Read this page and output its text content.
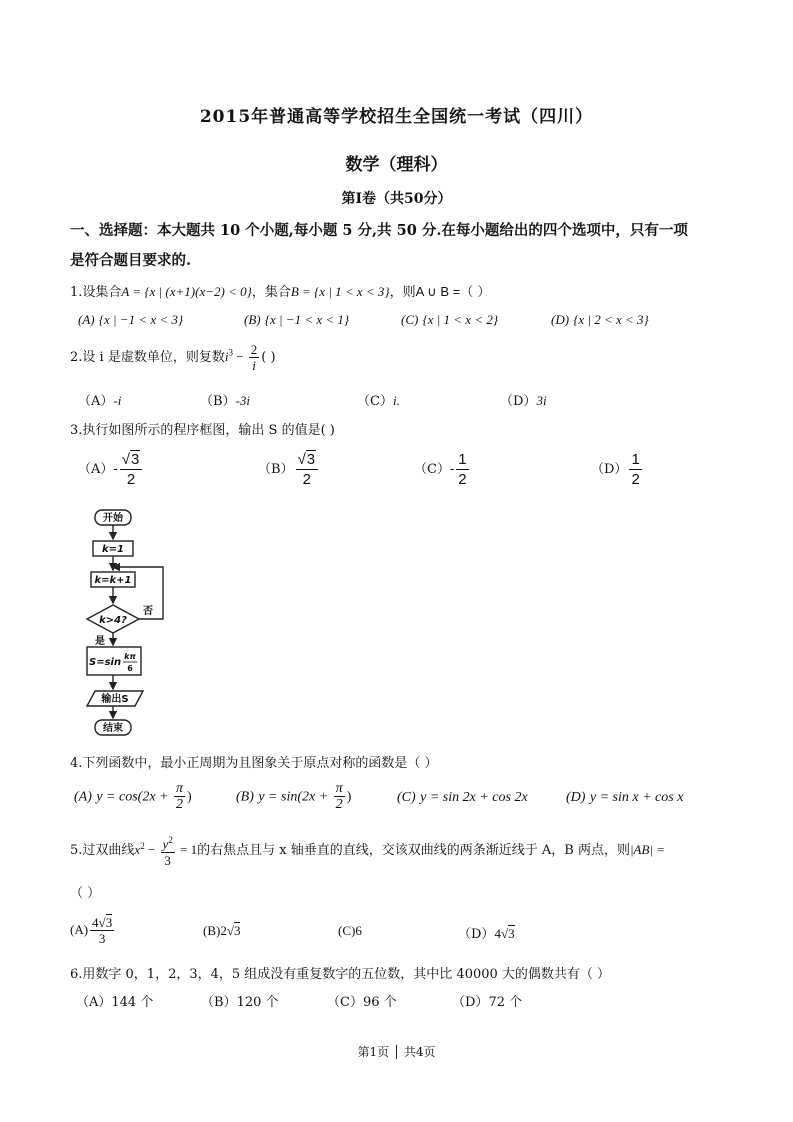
2015年普通高等学校招生全国统一考试（四川）
数学（理科）
第Ⅰ卷（共50分）
一、选择题：本大题共 10 个小题,每小题 5 分,共 50 分.在每小题给出的四个选项中，只有一项
是符合题目要求的.
1.设集合A = {x | (x+1)(x−2) < 0}，集合B = {x | 1 < x < 3}，则A ∪ B =（ ）
(A) {x | −1 < x < 3}	(B) {x | −1 < x < 1}	(C) {x | 1 < x < 2}	(D) {x | 2 < x < 3}
2.设 i 是虚数单位，则复数$i^3 - \frac{2}{i}$ ( )
（A）-i	（B）-3i	（C）i.	（D）3i
3.执行如图所示的程序框图，输出 S 的值是( )
$(A)- \frac{√3}{2}$	$(B) \frac{√3}{2}$	$(C)- \frac{1}{2}$	$(D) \frac{1}{2}$
开始
k=1
k=k+1
k>4?
否
是
S=sin
kπ
6
输出S
结束
4.下列函数中，最小正周期为且图象关于原点对称的函数是（ ）
(A) $y = \cos(2x + \frac{\pi}{2}$ )	(B) $y = \sin(2x + \frac{\pi}{2}$ )	(C) y = sin 2x + cos 2x	(D) y = sin x + cos x
5.过双曲线$x^2 - \frac{y^2}{3} = 1$的右焦点且与 x 轴垂直的直线，交该双曲线的两条渐近线于 A，B 两点，则|AB| =
（ ）
$(A) \frac{4√3}{3}$	(B)2√3	(C)6	（D）4√3
6.用数字 0，1，2，3，4，5 组成没有重复数字的五位数，其中比 40000 大的偶数共有（ ）
（A）144 个	（B）120 个	（C）96 个	（D）72 个
第1页 │ 共4页
